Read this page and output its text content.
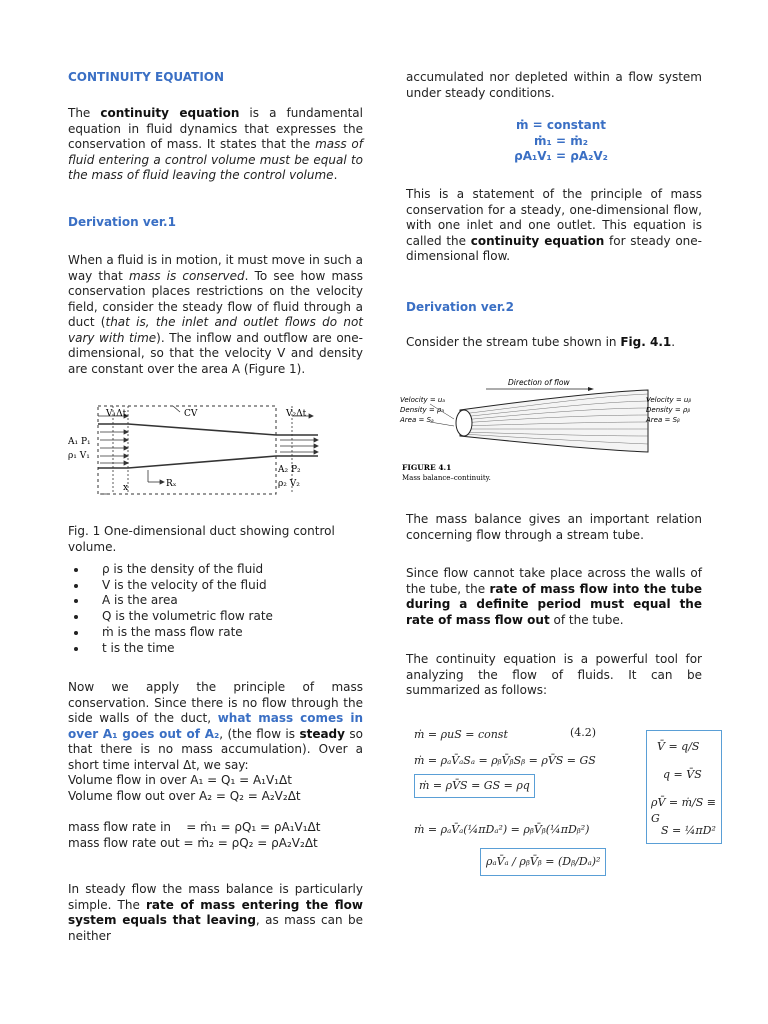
CONTINUITY EQUATION

The continuity equation is a fundamental equation in fluid dynamics that expresses the conservation of mass. It states that the mass of fluid entering a control volume must be equal to the mass of fluid leaving the control volume.

Derivation ver.1

When a fluid is in motion, it must move in such a way that mass is conserved. To see how mass conservation places restrictions on the velocity field, consider the steady flow of fluid through a duct (that is, the inlet and outlet flows do not vary with time). The inflow and outflow are one-dimensional, so that the velocity V and density are constant over the area A (Figure 1).

V₁Δt	CV	V₂Δt
A₁ P₁
ρ₁ V₁
A₂ P₂
ρ₂ V₂
x	Rₓ
Fig. 1 One-dimensional duct showing control volume.
• ρ is the density of the fluid
• V is the velocity of the fluid
• A is the area
• Q is the volumetric flow rate
• ṁ is the mass flow rate
• t is the time

Now we apply the principle of mass conservation. Since there is no flow through the side walls of the duct, what mass comes in over A₁ goes out of A₂, (the flow is steady so that there is no mass accumulation). Over a short time interval Δt, we say:

Volume flow in over A₁ = Q₁ = A₁V₁Δt
Volume flow out over A₂ = Q₂ = A₂V₂Δt
mass flow rate in    = ṁ₁ = ρQ₁ = ρA₁V₁Δt
mass flow rate out = ṁ₂ = ρQ₂ = ρA₂V₂Δt

In steady flow the mass balance is particularly simple. The rate of mass entering the flow system equals that leaving, as mass can be neither

accumulated nor depleted within a flow system under steady conditions.

ṁ = constant
ṁ₁ = ṁ₂
ρA₁V₁ = ρA₂V₂

This is a statement of the principle of mass conservation for a steady, one-dimensional flow, with one inlet and one outlet. This equation is called the continuity equation for steady one-dimensional flow.

Derivation ver.2

Consider the stream tube shown in Fig. 4.1.

Direction of flow
Velocity = uₐ
Density = ρₐ
Area = Sₐ
Velocity = uᵦ
Density = ρᵦ
Area = Sᵦ
FIGURE 4.1
Mass balance–continuity.

The mass balance gives an important relation concerning flow through a stream tube.

Since flow cannot take place across the walls of the tube, the rate of mass flow into the tube during a definite period must equal the rate of mass flow out of the tube.

The continuity equation is a powerful tool for analyzing the flow of fluids. It can be summarized as follows:

ṁ = ρuS = const	(4.2)
ṁ = ρₐV̄ₐSₐ = ρᵦV̄ᵦSᵦ = ρV̄S = GS
ṁ = ρV̄S = GS = ρq
ṁ = ρₐV̄ₐ(¼πDₐ²) = ρᵦV̄ᵦ(¼πDᵦ²)
ρₐV̄ₐ / ρᵦV̄ᵦ = (Dᵦ/Dₐ)²
V̄ = q/S
q = V̄S
ρV̄ = ṁ/S ≡ G
S = ¼πD²
